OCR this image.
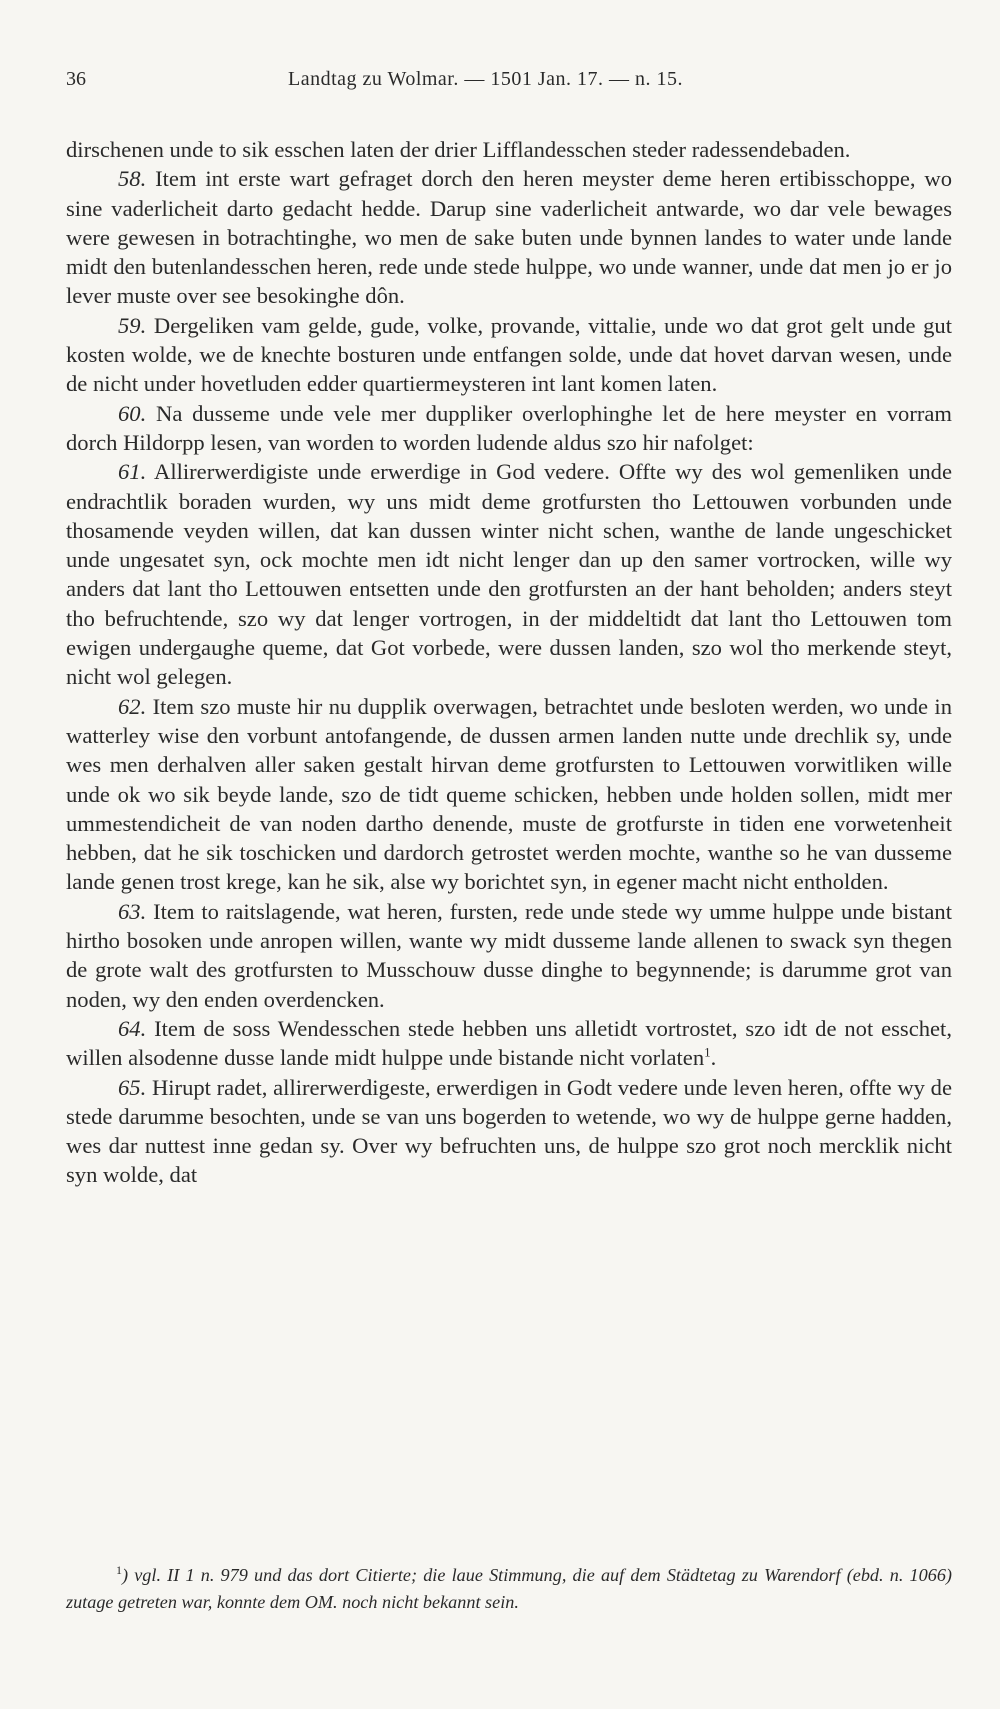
36	Landtag zu Wolmar. — 1501 Jan. 17. — n. 15.

dirschenen unde to sik esschen laten der drier Lifflandesschen steder radessendebaden.

58. Item int erste wart gefraget dorch den heren meyster deme heren ertibisschoppe, wo sine vaderlicheit darto gedacht hedde. Darup sine vaderlicheit antwarde, wo dar vele bewages were gewesen in botrachtinghe, wo men de sake buten unde bynnen landes to water unde lande midt den butenlandesschen heren, rede unde stede hulppe, wo unde wanner, unde dat men jo er jo lever muste over see besokinghe dôn.

59. Dergeliken vam gelde, gude, volke, provande, vittalie, unde wo dat grot gelt unde gut kosten wolde, we de knechte bosturen unde entfangen solde, unde dat hovet darvan wesen, unde de nicht under hovetluden edder quartiermeysteren int lant komen laten.

60. Na dusseme unde vele mer duppliker overlophinghe let de here meyster en vorram dorch Hildorpp lesen, van worden to worden ludende aldus szo hir nafolget:

61. Allirerwerdigiste unde erwerdige in God vedere. Offte wy des wol gemenliken unde endrachtlik boraden wurden, wy uns midt deme grotfursten tho Lettouwen vorbunden unde thosamende veyden willen, dat kan dussen winter nicht schen, wanthe de lande ungeschicket unde ungesatet syn, ock mochte men idt nicht lenger dan up den samer vortrocken, wille wy anders dat lant tho Lettouwen entsetten unde den grotfursten an der hant beholden; anders steyt tho befruchtende, szo wy dat lenger vortrogen, in der middeltidt dat lant tho Lettouwen tom ewigen undergaughe queme, dat Got vorbede, were dussen landen, szo wol tho merkende steyt, nicht wol gelegen.

62. Item szo muste hir nu dupplik overwagen, betrachtet unde besloten werden, wo unde in watterley wise den vorbunt antofangende, de dussen armen landen nutte unde drechlik sy, unde wes men derhalven aller saken gestalt hirvan deme grotfursten to Lettouwen vorwitliken wille unde ok wo sik beyde lande, szo de tidt queme schicken, hebben unde holden sollen, midt mer ummestendicheit de van noden dartho denende, muste de grotfurste in tiden ene vorwetenheit hebben, dat he sik toschicken und dardorch getrostet werden mochte, wanthe so he van dusseme lande genen trost krege, kan he sik, alse wy borichtet syn, in egener macht nicht entholden.

63. Item to raitslagende, wat heren, fursten, rede unde stede wy umme hulppe unde bistant hirtho bosoken unde anropen willen, wante wy midt dusseme lande allenen to swack syn thegen de grote walt des grotfursten to Musschouw dusse dinghe to begynnende; is darumme grot van noden, wy den enden overdencken.

64. Item de soss Wendesschen stede hebben uns alletidt vortrostet, szo idt de not esschet, willen alsodenne dusse lande midt hulppe unde bistande nicht vorlaten$^1$.

65. Hirupt radet, allirerwerdigeste, erwerdigen in Godt vedere unde leven heren, offte wy de stede darumme besochten, unde se van uns bogerden to wetende, wo wy de hulppe gerne hadden, wes dar nuttest inne gedan sy. Over wy befruchten uns, de hulppe szo grot noch mercklik nicht syn wolde, dat

$^1$) vgl. II 1 n. 979 und das dort Citierte; die laue Stimmung, die auf dem Städtetag zu Warendorf (ebd. n. 1066) zutage getreten war, konnte dem OM. noch nicht bekannt sein.
